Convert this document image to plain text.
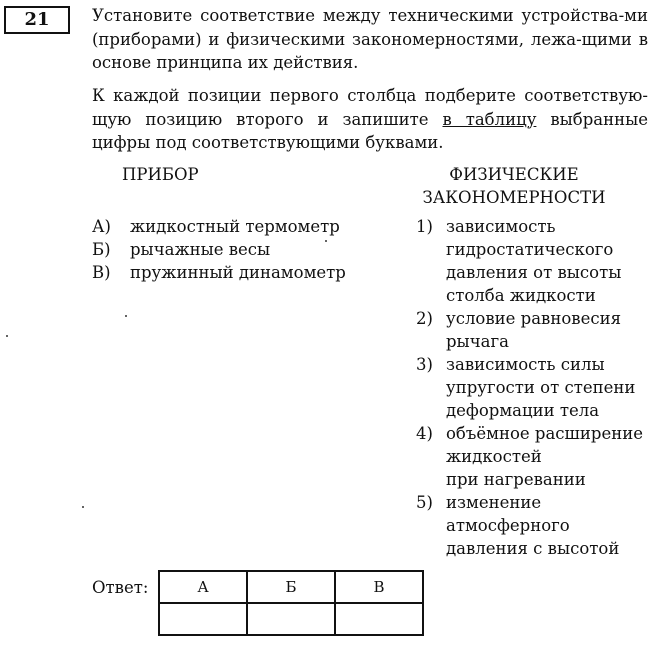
21	Установите соответствие между техническими устройства-ми (приборами) и физическими закономерностями, лежа-щими в основе принципа их действия.
К каждой позиции первого столбца подберите соответствую-щую позицию второго и запишите в таблицу выбранные цифры под соответствующими буквами.
ПРИБОР	ФИЗИЧЕСКИЕ ЗАКОНОМЕРНОСТИ
А)	жидкостный термометр
Б)	рычажные весы
В)	пружинный динамометр
1) зависимость
гидростатического
давления от высоты
столба жидкости
2) условие равновесия
рычага
3) зависимость силы
упругости от степени
деформации тела
4) объёмное расширение
жидкостей
при нагревании
5) изменение
атмосферного
давления с высотой
Ответ:	А	Б	В
